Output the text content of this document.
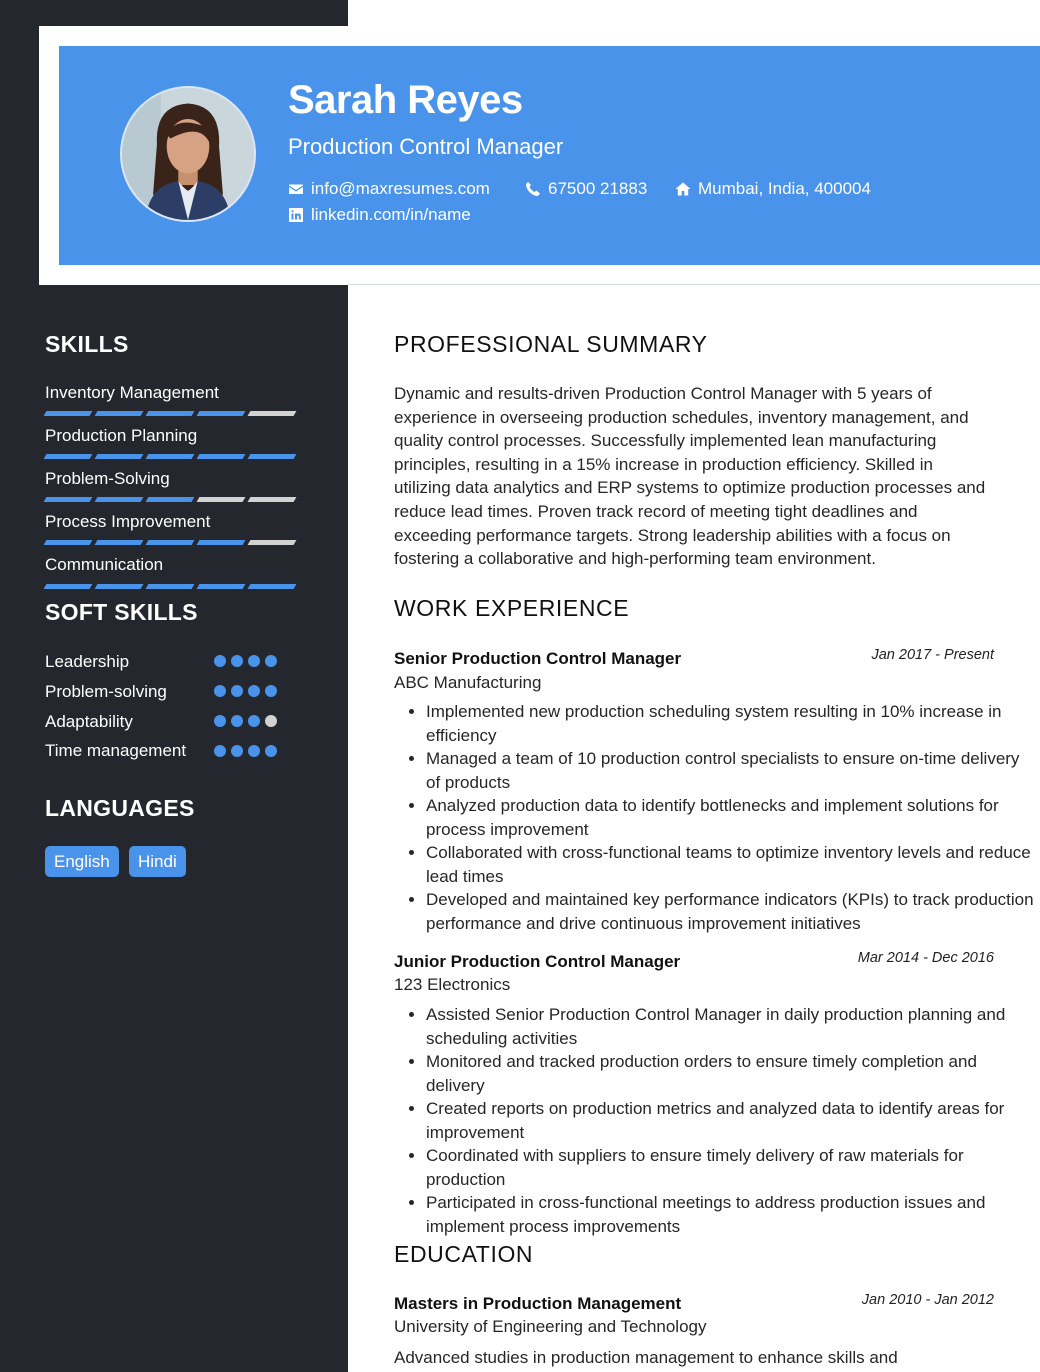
Sarah Reyes
Production Control Manager
info@maxresumes.com	67500 21883	Mumbai, India, 400004
linkedin.com/in/name
SKILLS
Inventory Management
Production Planning
Problem-Solving
Process Improvement
Communication
SOFT SKILLS
Leadership
Problem-solving
Adaptability
Time management
LANGUAGES
English	Hindi
PROFESSIONAL SUMMARY
Dynamic and results-driven Production Control Manager with 5 years of experience in overseeing production schedules, inventory management, and quality control processes. Successfully implemented lean manufacturing principles, resulting in a 15% increase in production efficiency. Skilled in utilizing data analytics and ERP systems to optimize production processes and reduce lead times. Proven track record of meeting tight deadlines and exceeding performance targets. Strong leadership abilities with a focus on fostering a collaborative and high-performing team environment.
WORK EXPERIENCE
Senior Production Control Manager	Jan 2017 - Present
ABC Manufacturing
• Implemented new production scheduling system resulting in 10% increase in efficiency
• Managed a team of 10 production control specialists to ensure on-time delivery of products
• Analyzed production data to identify bottlenecks and implement solutions for process improvement
• Collaborated with cross-functional teams to optimize inventory levels and reduce lead times
• Developed and maintained key performance indicators (KPIs) to track production performance and drive continuous improvement initiatives
Junior Production Control Manager	Mar 2014 - Dec 2016
123 Electronics
• Assisted Senior Production Control Manager in daily production planning and scheduling activities
• Monitored and tracked production orders to ensure timely completion and delivery
• Created reports on production metrics and analyzed data to identify areas for improvement
• Coordinated with suppliers to ensure timely delivery of raw materials for production
• Participated in cross-functional meetings to address production issues and implement process improvements
EDUCATION
Masters in Production Management	Jan 2010 - Jan 2012
University of Engineering and Technology
Advanced studies in production management to enhance skills and
